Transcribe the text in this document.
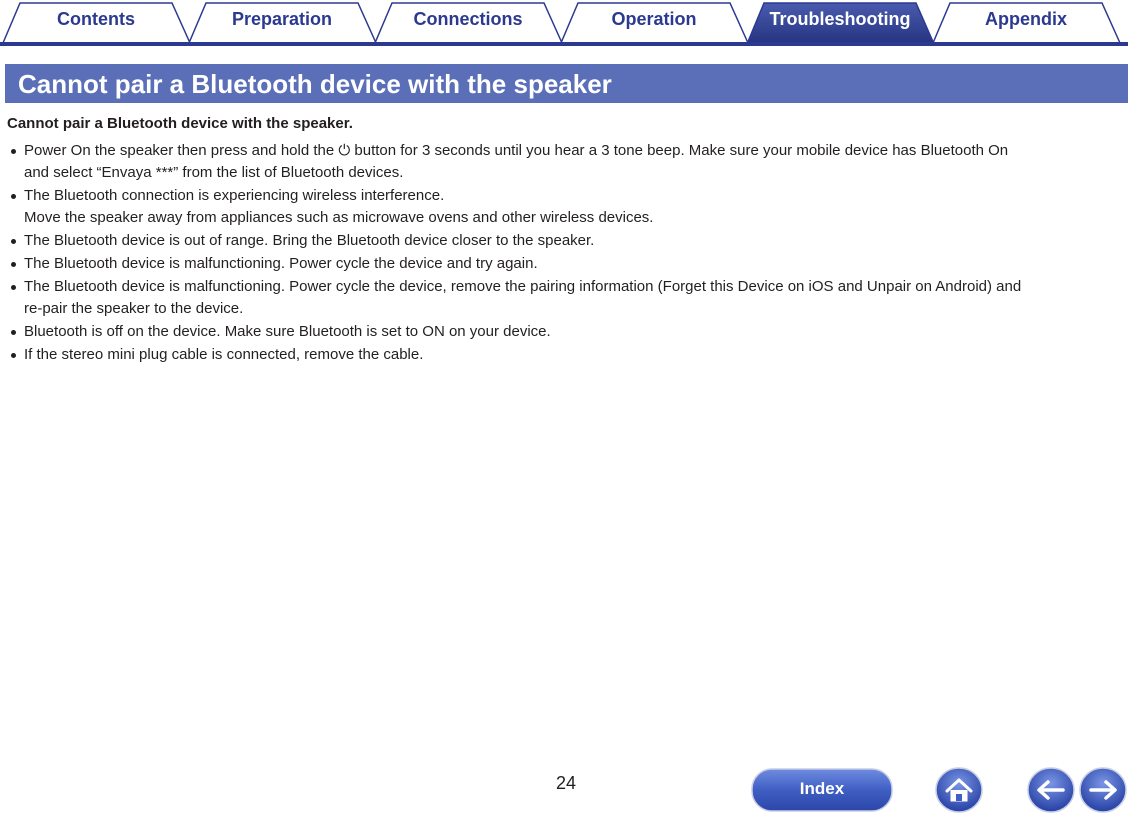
Contents	Preparation	Connections	Operation	Troubleshooting	Appendix
Cannot pair a Bluetooth device with the speaker
Cannot pair a Bluetooth device with the speaker.
Power On the speaker then press and hold the ⏻ button for 3 seconds until you hear a 3 tone beep. Make sure your mobile device has Bluetooth On
and select “Envaya ***” from the list of Bluetooth devices.
The Bluetooth connection is experiencing wireless interference.
Move the speaker away from appliances such as microwave ovens and other wireless devices.
The Bluetooth device is out of range. Bring the Bluetooth device closer to the speaker.
The Bluetooth device is malfunctioning. Power cycle the device and try again.
The Bluetooth device is malfunctioning. Power cycle the device, remove the pairing information (Forget this Device on iOS and Unpair on Android) and
re-pair the speaker to the device.
Bluetooth is off on the device. Make sure Bluetooth is set to ON on your device.
If the stereo mini plug cable is connected, remove the cable.
24	Index
